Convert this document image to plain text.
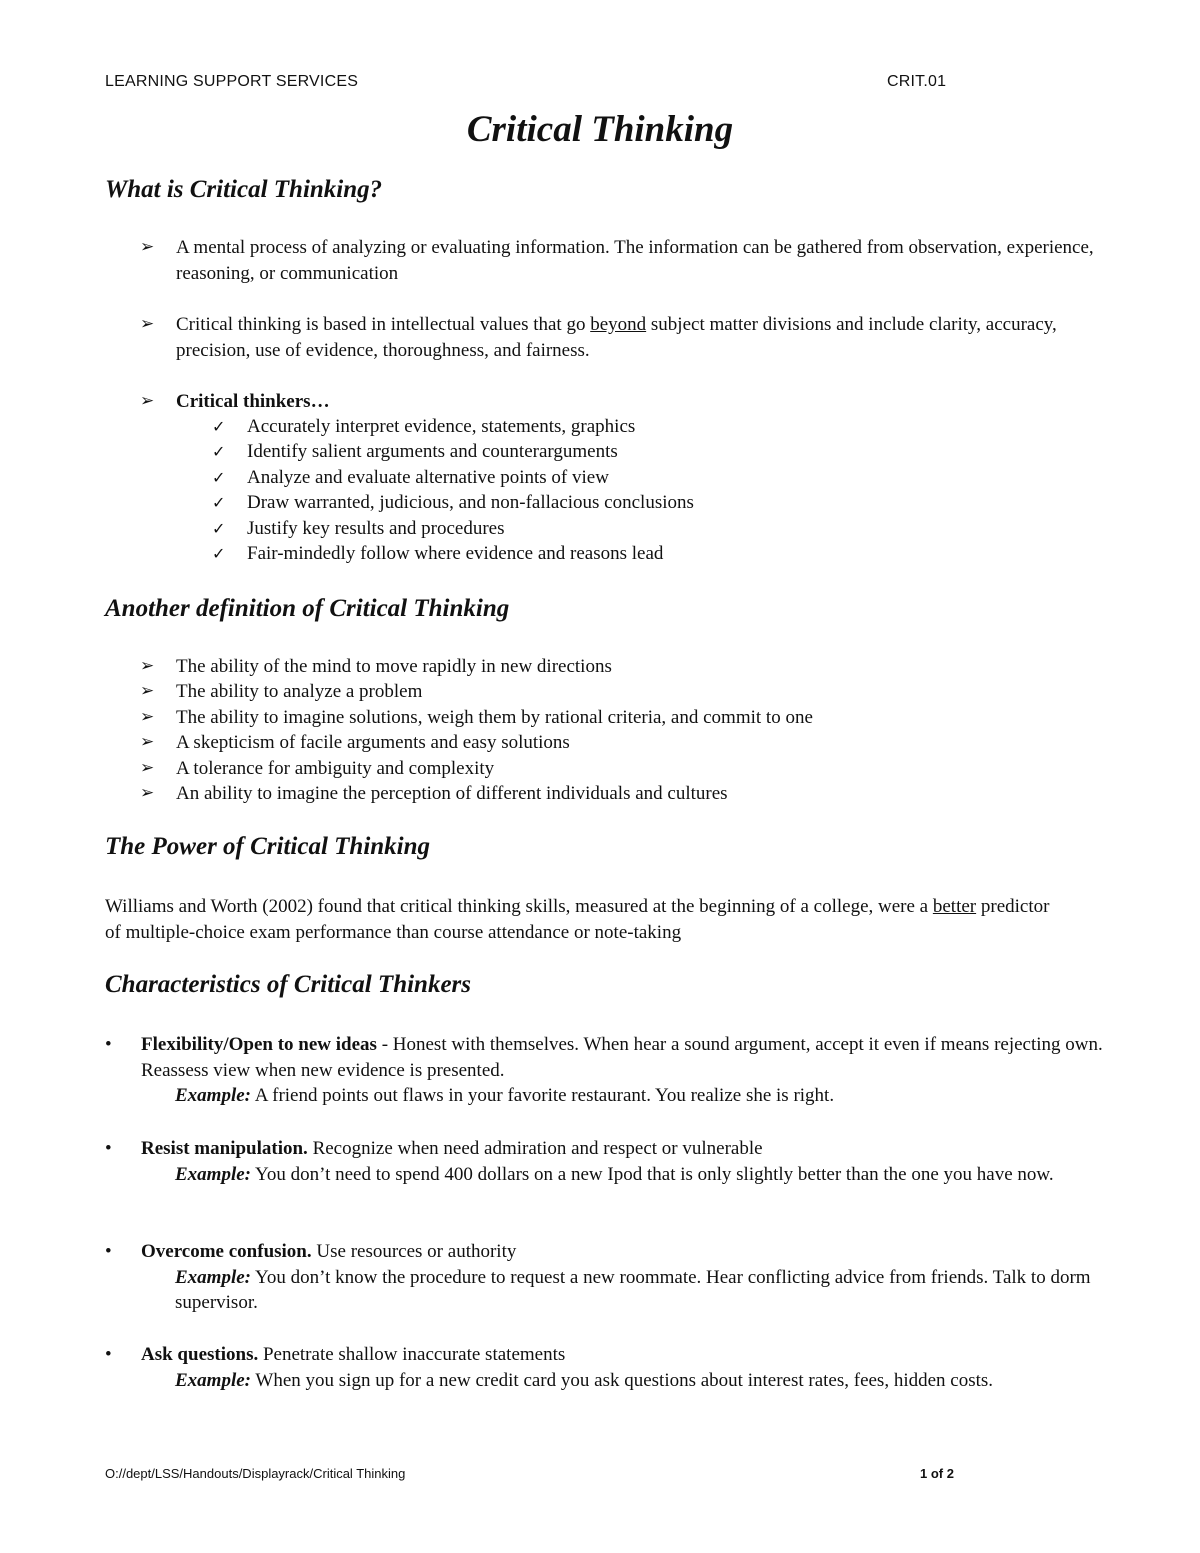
LEARNING SUPPORT SERVICES	CRIT.01
Critical Thinking
What is Critical Thinking?
➢	A mental process of analyzing or evaluating information. The information can be gathered from observation, experience, reasoning, or communication
➢	Critical thinking is based in intellectual values that go beyond subject matter divisions and include clarity, accuracy, precision, use of evidence, thoroughness, and fairness.
➢	Critical thinkers…
✓ Accurately interpret evidence, statements, graphics
✓ Identify salient arguments and counterarguments
✓ Analyze and evaluate alternative points of view
✓ Draw warranted, judicious, and non-fallacious conclusions
✓ Justify key results and procedures
✓ Fair-mindedly follow where evidence and reasons lead
Another definition of Critical Thinking
➢	The ability of the mind to move rapidly in new directions
➢	The ability to analyze a problem
➢	The ability to imagine solutions, weigh them by rational criteria, and commit to one
➢	A skepticism of facile arguments and easy solutions
➢	A tolerance for ambiguity and complexity
➢	An ability to imagine the perception of different individuals and cultures
The Power of Critical Thinking
Williams and Worth (2002) found that critical thinking skills, measured at the beginning of a college, were a better predictor of multiple-choice exam performance than course attendance or note-taking
Characteristics of Critical Thinkers
• Flexibility/Open to new ideas - Honest with themselves. When hear a sound argument, accept it even if means rejecting own. Reassess view when new evidence is presented.
Example: A friend points out flaws in your favorite restaurant. You realize she is right.
• Resist manipulation. Recognize when need admiration and respect or vulnerable
Example: You don’t need to spend 400 dollars on a new Ipod that is only slightly better than the one you have now.
• Overcome confusion. Use resources or authority
Example: You don’t know the procedure to request a new roommate. Hear conflicting advice from friends. Talk to dorm supervisor.
• Ask questions. Penetrate shallow inaccurate statements
Example: When you sign up for a new credit card you ask questions about interest rates, fees, hidden costs.
O://dept/LSS/Handouts/Displayrack/Critical Thinking	1 of 2
